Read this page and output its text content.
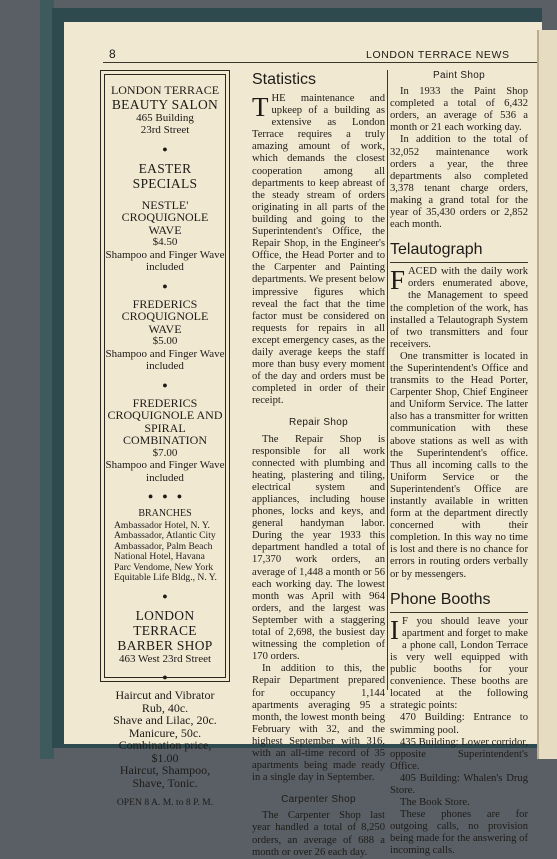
8	LONDON TERRACE NEWS
LONDON TERRACE
BEAUTY SALON
465 Building
23rd Street
●
EASTER SPECIALS
NESTLE' CROQUIGNOLE WAVE
$4.50
Shampoo and Finger Wave included
●
FREDERICS CROQUIGNOLE WAVE
$5.00
Shampoo and Finger Wave included
●
FREDERICS CROQUIGNOLE AND SPIRAL COMBINATION
$7.00
Shampoo and Finger Wave included
●    ●    ●
BRANCHES
Ambassador Hotel, N. Y.
Ambassador, Atlantic City
Ambassador, Palm Beach
National Hotel, Havana
Parc Vendome, New York
Equitable Life Bldg., N. Y.
●
LONDON TERRACE BARBER SHOP
463 West 23rd Street
●
Haircut and Vibrator Rub, 40c.
Shave and Lilac, 20c.
Manicure, 50c.
Combination price, $1.00
Haircut, Shampoo, Shave, Tonic.
OPEN 8 A. M. to 8 P. M.
Statistics

THE maintenance and upkeep of a building as extensive as London Terrace requires a truly amazing amount of work, which demands the closest cooperation among all departments to keep abreast of the steady stream of orders originating in all parts of the building and going to the Superintendent's Office, the Repair Shop, in the Engineer's Office, the Head Porter and to the Carpenter and Painting departments. We present below impressive figures which reveal the fact that the time factor must be considered on requests for repairs in all except emergency cases, as the daily average keeps the staff more than busy every moment of the day and orders must be completed in order of their receipt.

Repair Shop

The Repair Shop is responsible for all work connected with plumbing and heating, plastering and tiling, electrical system and appliances, including house phones, locks and keys, and general handyman labor. During the year 1933 this department handled a total of 17,370 work orders, an average of 1,448 a month or 56 each working day. The lowest month was April with 964 orders, and the largest was September with a staggering total of 2,698, the busiest day witnessing the completion of 170 orders.

In addition to this, the Repair Department prepared for occupancy 1,144 apartments averaging 95 a month, the lowest month being February with 32, and the highest September with 316, with an all-time record of 35 apartments being made ready in a single day in September.

Carpenter Shop

The Carpenter Shop last year handled a total of 8,250 orders, an average of 688 a month or over 26 each day.

Paint Shop

In 1933 the Paint Shop completed a total of 6,432 orders, an average of 536 a month or 21 each working day.

In addition to the total of 32,052 maintenance work orders a year, the three departments also completed 3,378 tenant charge orders, making a grand total for the year of 35,430 orders or 2,852 each month.

Telautograph

FACED with the daily work orders enumerated above, the Management to speed the completion of the work, has installed a Telautograph System of two transmitters and four receivers.

One transmitter is located in the Superintendent's Office and transmits to the Head Porter, Carpenter Shop, Chief Engineer and Uniform Service. The latter also has a transmitter for written communication with these above stations as well as with the Superintendent's office. Thus all incoming calls to the Uniform Service or the Superintendent's Office are instantly available in written form at the department directly concerned with their completion. In this way no time is lost and there is no chance for errors in routing orders verbally or by messengers.

Phone Booths

I F you should leave your apartment and forget to make a phone call, London Terrace is very well equipped with public booths for your convenience. These booths are located at the following strategic points:

470 Building: Entrance to swimming pool.

435 Building: Lower corridor, opposite Superintendent's Office.

405 Building: Whalen's Drug Store.

The Book Store.

These phones are for outgoing calls, no provision being made for the answering of incoming calls.
